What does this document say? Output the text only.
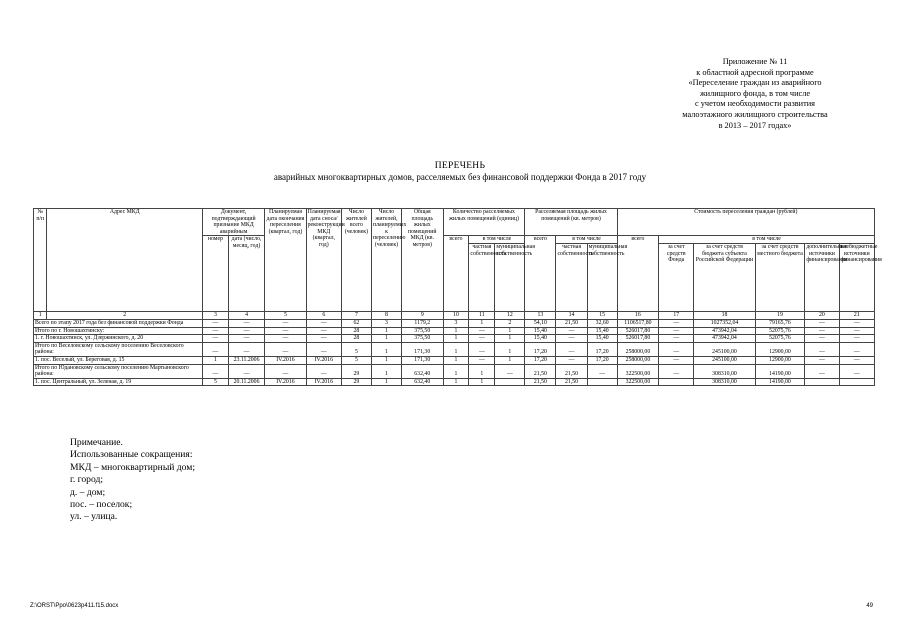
Приложение № 11
к областной адресной программе
«Переселение граждан из аварийного
жилищного фонда, в том числе
с учетом необходимости развития
малоэтажного жилищного строительства
в 2013 – 2017 годах»
ПЕРЕЧЕНЬ
аварийных многоквартирных домов, расселяемых без финансовой поддержки Фонда в 2017 году
№ п/п	Адрес МКД	Документ, подтверждающий признание МКД аварийным		Планируемая дата окончания переселения (квартал, год)	Планируемая дата сноса/ реконструкции МКД (квартал, год)	Число жителей всего (человек)	Число жителей, планируемых к переселению (человек)	Общая площадь жилых помещений МКД (кв. метров)	Количество расселяемых жилых помещений (единиц)			Расселяемая площадь жилых помещений (кв. метров)			Стоимость переселения граждан (рублей)					
		номер	дата (число, месяц, год)						всего	в том числе		всего	в том числе		всего	в том числе				
										частная собственность	муниципальная собственность		частная собственность	муниципальная собственность		за счет средств Фонда	за счет средств бюджета субъекта Российской Федерации	за счет средств местного бюджета	дополнительные источники финансирования	внебюджетные источники финансирования
1	2	3	4	5	6	7	8	9	10	11	12	13	14	15	16	17	18	19	20	21
Всего по этапу 2017 года без финансовой поддержки Фонда		—	—	—	—	62	3	1179,2	3	1	2	54,10	21,50	32,60	1106517,80	—	1027352,04	79165,76	—	—
Итого по г. Новошахтинску:		—	—	—	—	28	1	375,50	1	—	1	15,40	—	15,40	526017,80	—	473942,04	52075,76	—	—
1. г. Новошахтинск, ул. Дзержинского, д. 20		—	—	—	—	28	1	375,50	1	—	1	15,40	—	15,40	526017,80	—	473942,04	52075,76	—	—
Итого по Веселовскому сельскому поселению Веселовского района:		—	—	—	—	5	1	171,30	1	—	1	17,20	—	17,20	258000,00	—	245100,00	12900,00	—	—
1. пос. Веселый, ул. Береговая, д. 15		1	23.11.2006	IV.2016	IV.2016	5	1	171,30	1	—	1	17,20	—	17,20	258000,00	—	245100,00	12900,00	—	—
Итого по Юдановскому сельскому поселению Мартыновского района:		—	—	—	—	29	1	632,40	1	1	—	21,50	21,50	—	322500,00	—	308310,00	14190,00	—	—
1. пос. Центральный, ул. Зеленая, д. 19		5	20.11.2006	IV.2016	IV.2016	29	1	632,40	1	1		21,50	21,50		322500,00		308310,00	14190,00		
Примечание.
Использованные сокращения:
МКД – многоквартирный дом;
г. город;
д. – дом;
пос. – поселок;
ул. – улица.
Z:\ORST\Ppo\0623p411.f15.docx	49
